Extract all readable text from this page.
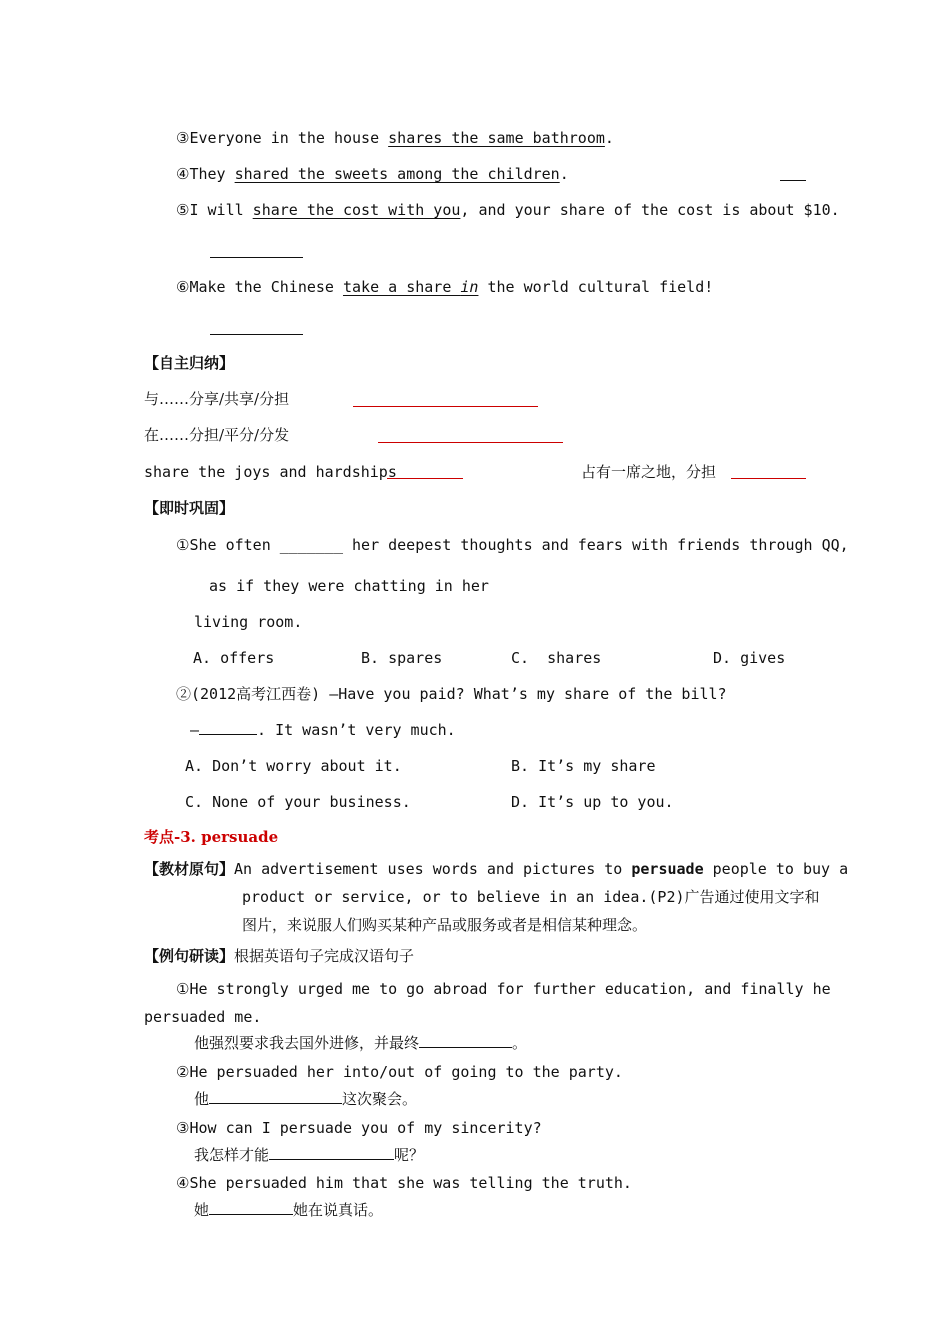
③Everyone in the house shares the same bathroom.
④They shared the sweets among the children.
⑤I will share the cost with you, and your share of the cost is about $10.
⑥Make the Chinese take a share in the world cultural field!
【自主归纳】
与……分享/共享/分担
在……分担/平分/分发
share the joys and hardships	占有一席之地，分担
【即时巩固】
①She often _______ her deepest thoughts and fears with friends through QQ,
as if they were chatting in her
living room.
A. offers	B. spares	C.  shares	D. gives
②(2012高考江西卷) —Have you paid? What’s my share of the bill?
—	. It wasn’t very much.
A. Don’t worry about it.	B. It’s my share
C. None of your business.	D. It’s up to you.
考点-3. persuade
【教材原句】An advertisement uses words and pictures to persuade people to buy a
product or service, or to believe in an idea.(P2)广告通过使用文字和
图片，来说服人们购买某种产品或服务或者是相信某种理念。
【例句研读】根据英语句子完成汉语句子
①He strongly urged me to go abroad for further education, and finally he
persuaded me.
他强烈要求我去国外进修，并最终	。
②He persuaded her into/out of going to the party.
他	这次聚会。
③How can I persuade you of my sincerity?
我怎样才能	呢？
④She persuaded him that she was telling the truth.
她	她在说真话。
